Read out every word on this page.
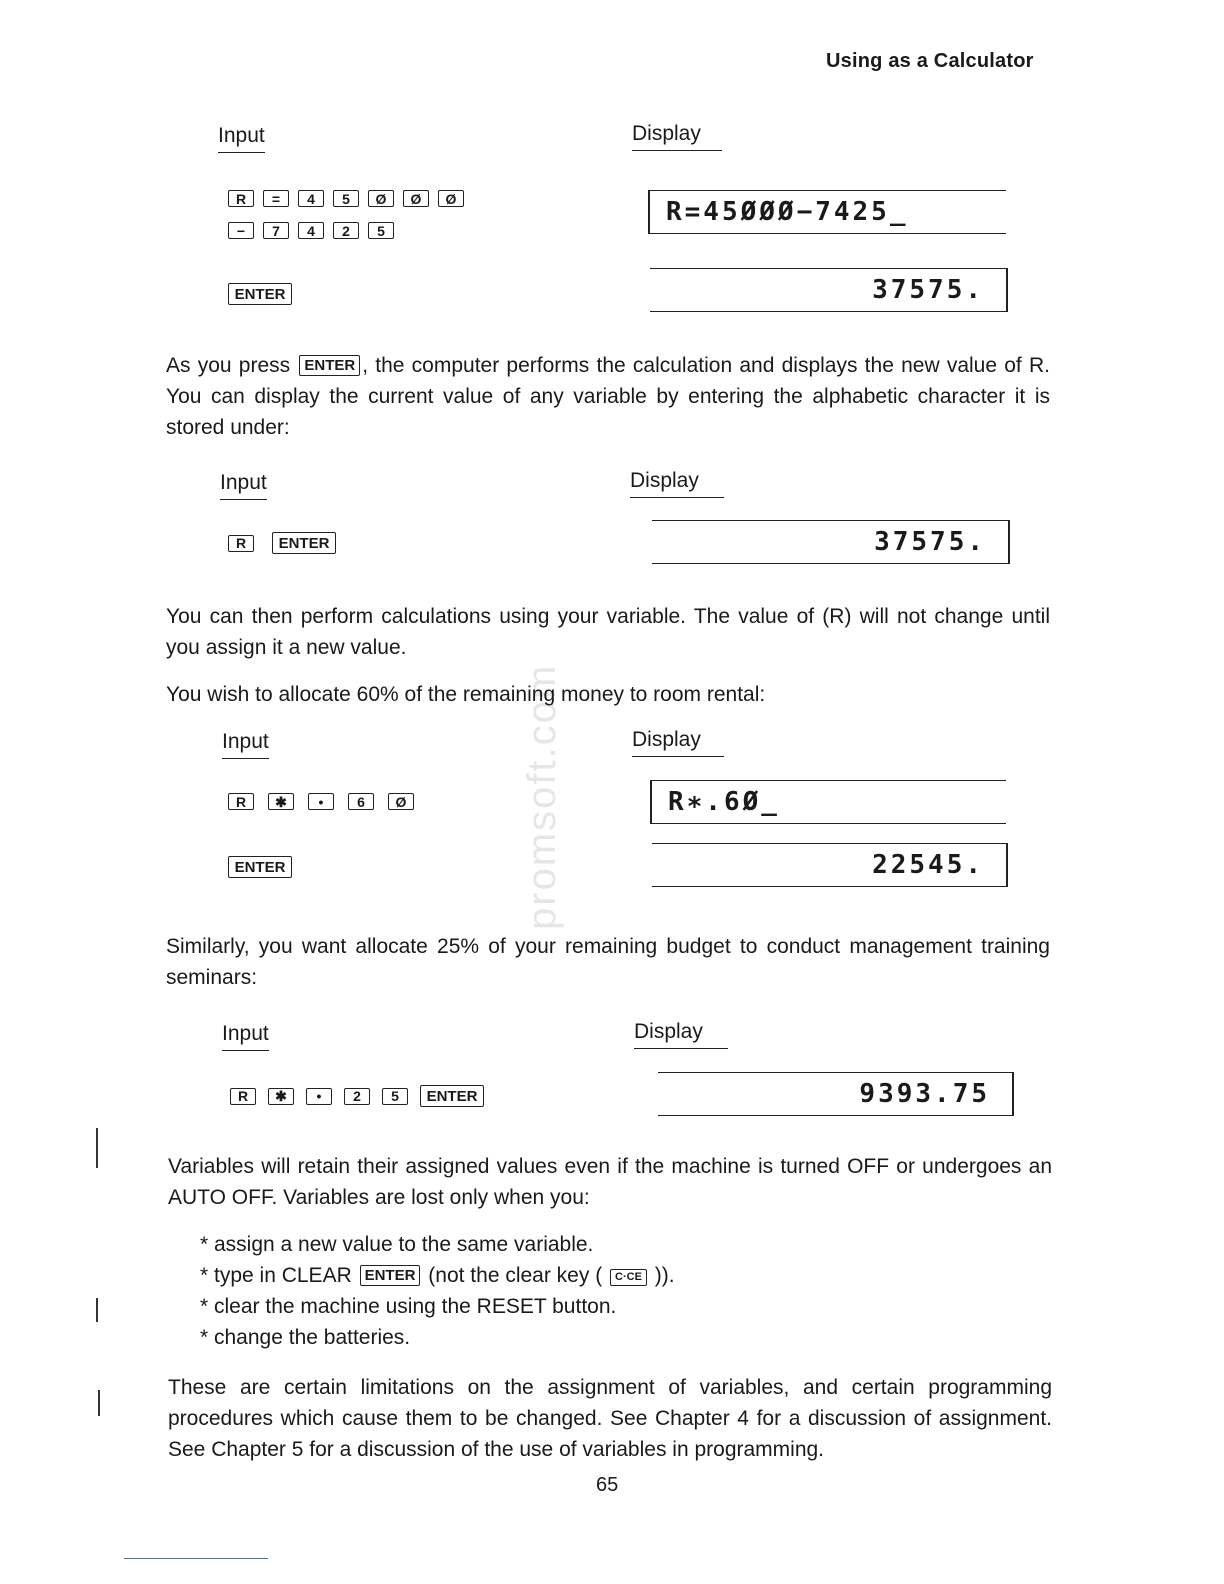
Using as a Calculator
promsoft.com
Input	Display
R	=	4	5	Ø	Ø	Ø
−	7	4	2	5
ENTER
R=45ØØØ−7425_
37575.
As you press ENTER , the computer performs the calculation and displays the new value of R. You can display the current value of any variable by entering the alphabetic character it is stored under:
Input	Display
R	ENTER	37575.
You can then perform calculations using your variable. The value of (R) will not change until you assign it a new value.
You wish to allocate 60% of the remaining money to room rental:
Input	Display
R	✱	•	6	Ø
ENTER
R∗.6Ø_
22545.
Similarly, you want allocate 25% of your remaining budget to conduct management training seminars:
Input	Display
R	✱	•	2	5	ENTER	9393.75
Variables will retain their assigned values even if the machine is turned OFF or undergoes an AUTO OFF. Variables are lost only when you:
* assign a new value to the same variable.
* type in CLEAR ENTER (not the clear key ( C·CE )).
* clear the machine using the RESET button.
* change the batteries.
These are certain limitations on the assignment of variables, and certain programming procedures which cause them to be changed. See Chapter 4 for a discussion of assignment. See Chapter 5 for a discussion of the use of variables in programming.
65
